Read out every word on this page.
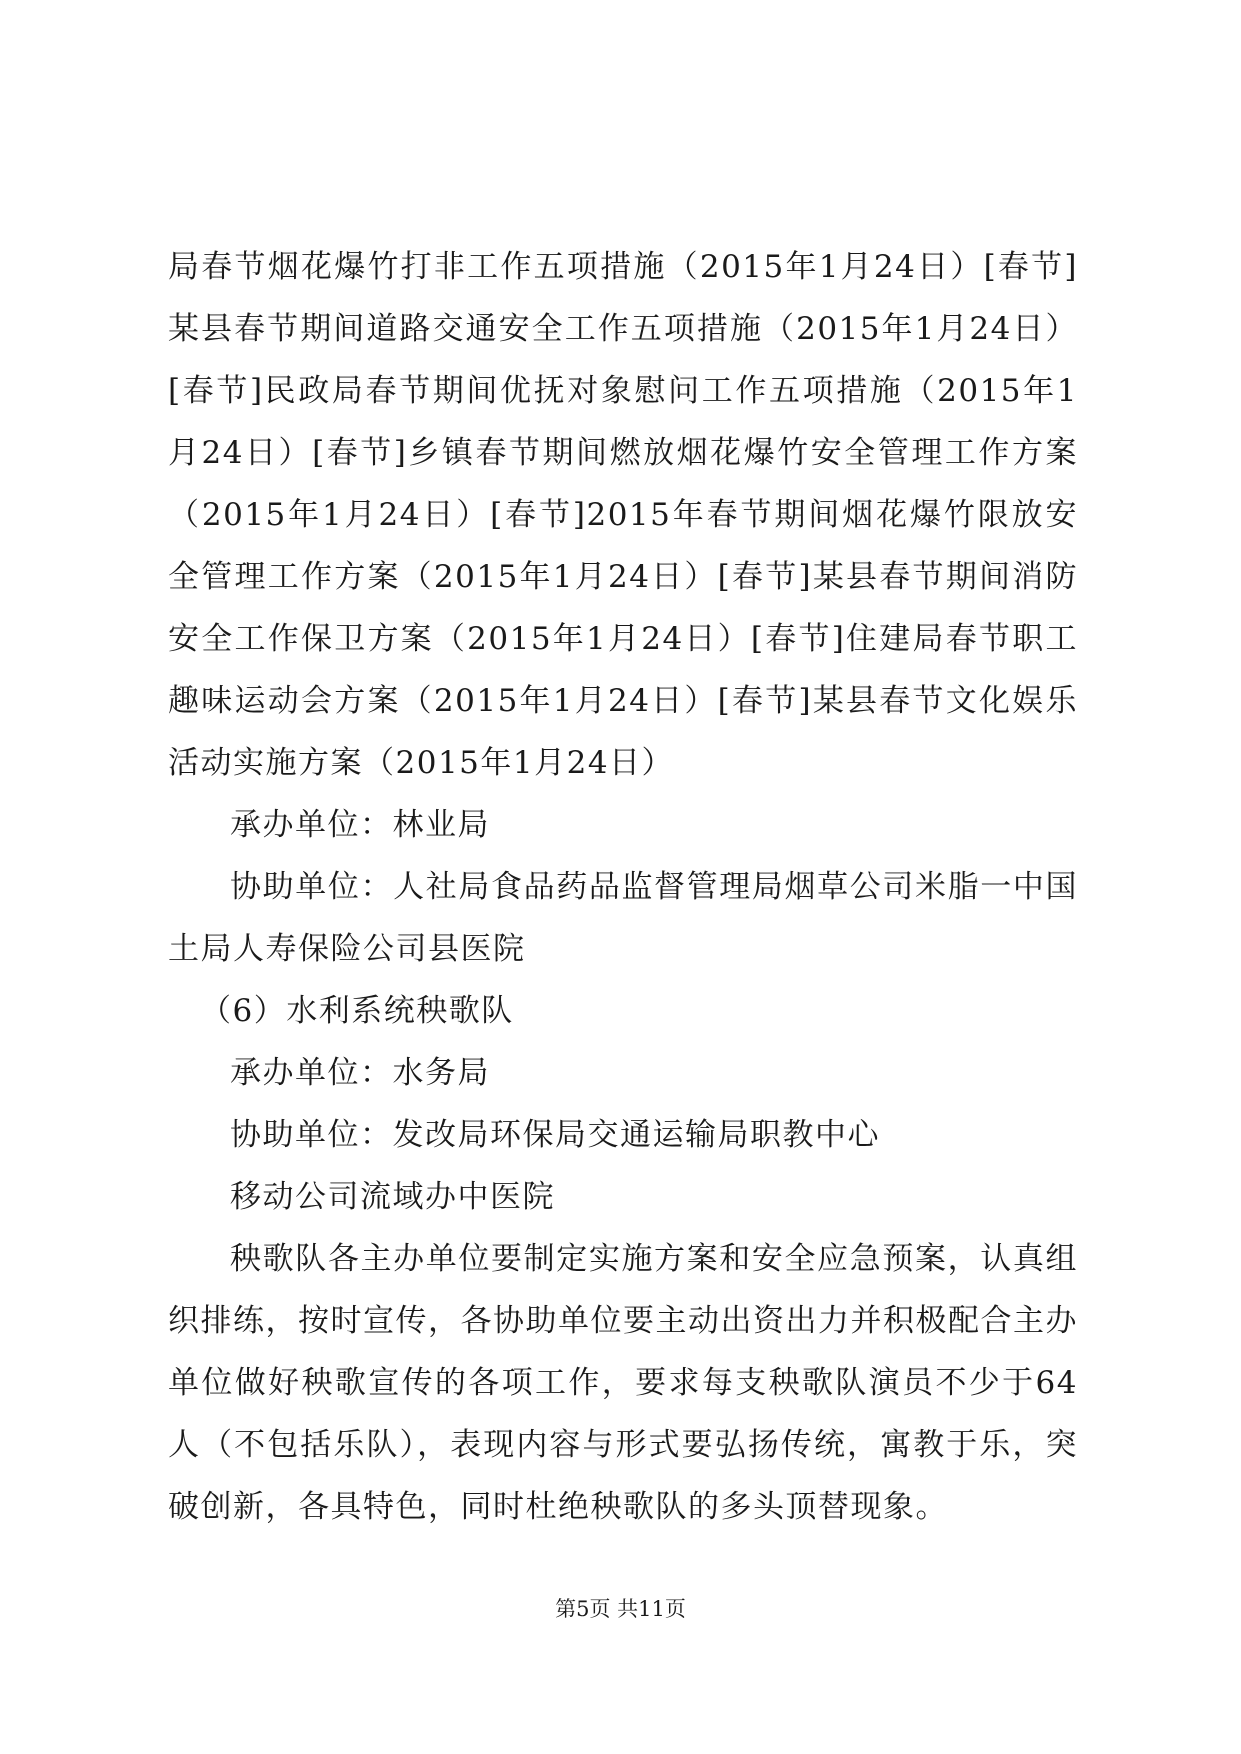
局春节烟花爆竹打非工作五项措施（2015年1月24日）[春节]某县春节期间道路交通安全工作五项措施（2015年1月24日）[春节]民政局春节期间优抚对象慰问工作五项措施（2015年1月24日）[春节]乡镇春节期间燃放烟花爆竹安全管理工作方案（2015年1月24日）[春节]2015年春节期间烟花爆竹限放安全管理工作方案（2015年1月24日）[春节]某县春节期间消防安全工作保卫方案（2015年1月24日）[春节]住建局春节职工趣味运动会方案（2015年1月24日）[春节]某县春节文化娱乐活动实施方案（2015年1月24日）

承办单位：林业局

协助单位：人社局食品药品监督管理局烟草公司米脂一中国土局人寿保险公司县医院

（6）水利系统秧歌队

承办单位：水务局

协助单位：发改局环保局交通运输局职教中心

移动公司流域办中医院

秧歌队各主办单位要制定实施方案和安全应急预案，认真组织排练，按时宣传，各协助单位要主动出资出力并积极配合主办单位做好秧歌宣传的各项工作，要求每支秧歌队演员不少于64人（不包括乐队），表现内容与形式要弘扬传统，寓教于乐，突破创新，各具特色，同时杜绝秧歌队的多头顶替现象。

第5页 共11页
